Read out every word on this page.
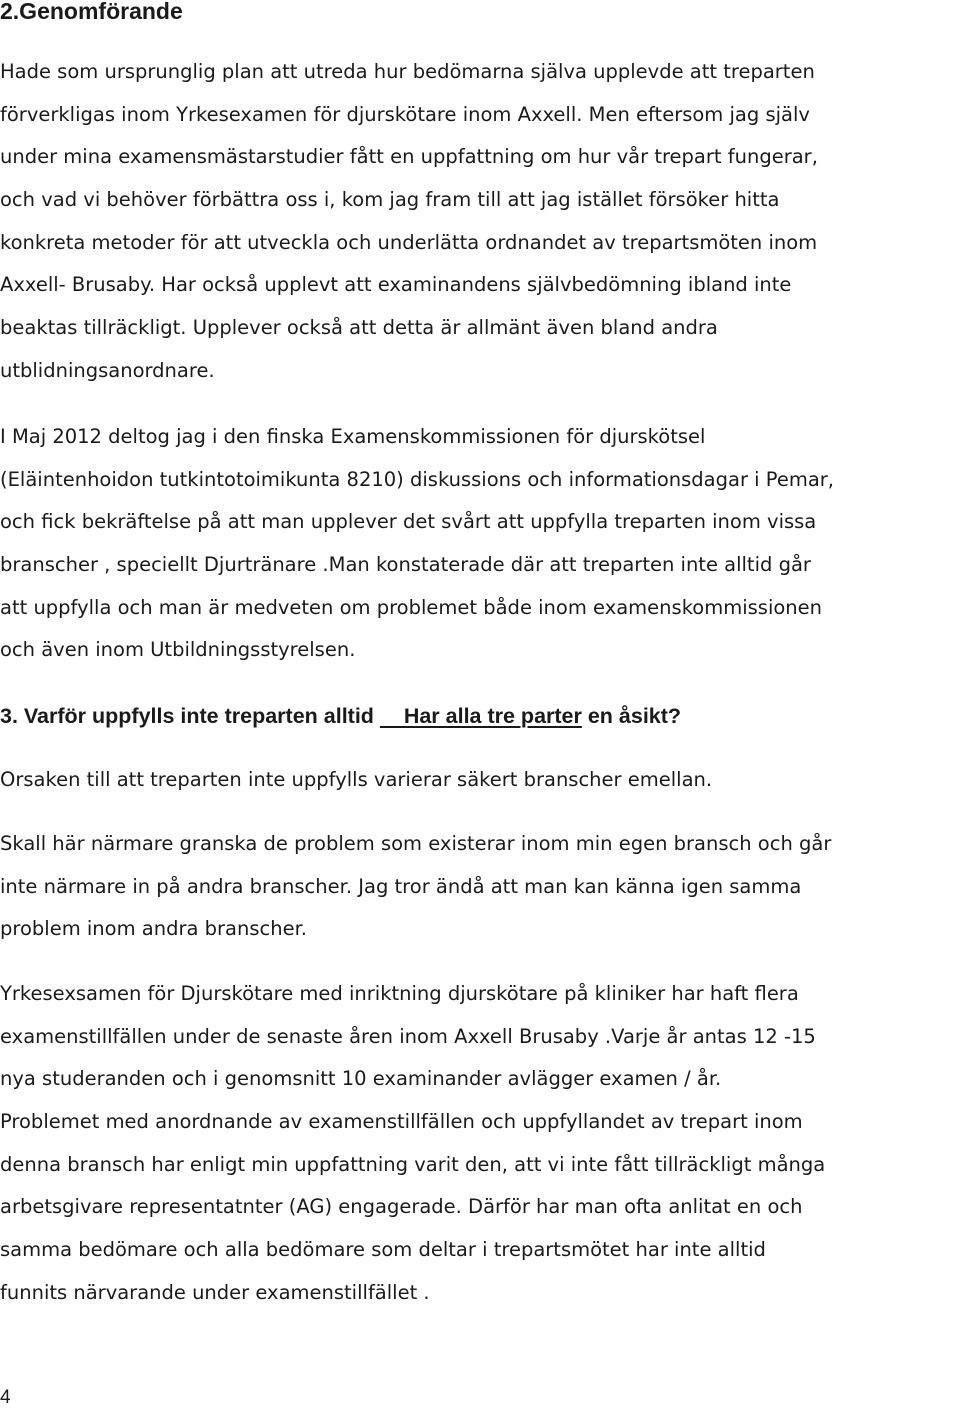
2.Genomförande
Hade som ursprunglig plan att utreda hur bedömarna själva upplevde att treparten
förverkligas inom Yrkesexamen för djurskötare inom Axxell. Men eftersom jag själv
under mina examensmästarstudier fått en uppfattning om hur vår trepart fungerar,
och vad vi behöver förbättra oss i, kom jag fram till att jag istället försöker hitta
konkreta metoder för att utveckla och underlätta ordnandet av trepartsmöten inom
Axxell- Brusaby. Har också upplevt att examinandens självbedömning ibland inte
beaktas tillräckligt. Upplever också att detta är allmänt även bland andra
utblidningsanordnare.
I Maj 2012 deltog jag i den finska Examenskommissionen för djurskötsel
(Eläintenhoidon tutkintotoimikunta 8210) diskussions och informationsdagar i Pemar,
och fick bekräftelse på att man upplever det svårt att uppfylla treparten inom vissa
branscher , speciellt Djurtränare .Man konstaterade där att treparten inte alltid går
att uppfylla och man är medveten om problemet både inom examenskommissionen
och även inom Utbildningsstyrelsen.
3. Varför uppfylls inte treparten alltid     Har alla tre parter en åsikt?
Orsaken till att treparten inte uppfylls varierar säkert branscher emellan.
Skall här närmare granska de problem som existerar inom min egen bransch och går
inte närmare in på andra branscher. Jag tror ändå att man kan känna igen samma
problem inom andra branscher.
Yrkesexsamen för Djurskötare med inriktning djurskötare på kliniker har haft flera
examenstillfällen under de senaste åren inom Axxell Brusaby .Varje år antas 12 -15
nya studeranden och i genomsnitt 10 examinander avlägger examen / år.
Problemet med anordnande av examenstillfällen och uppfyllandet av trepart inom
denna bransch har enligt min uppfattning varit den, att vi inte fått tillräckligt många
arbetsgivare representatnter (AG) engagerade. Därför har man ofta anlitat en och
samma bedömare och alla bedömare som deltar i trepartsmötet har inte alltid
funnits närvarande under examenstillfället .
4
